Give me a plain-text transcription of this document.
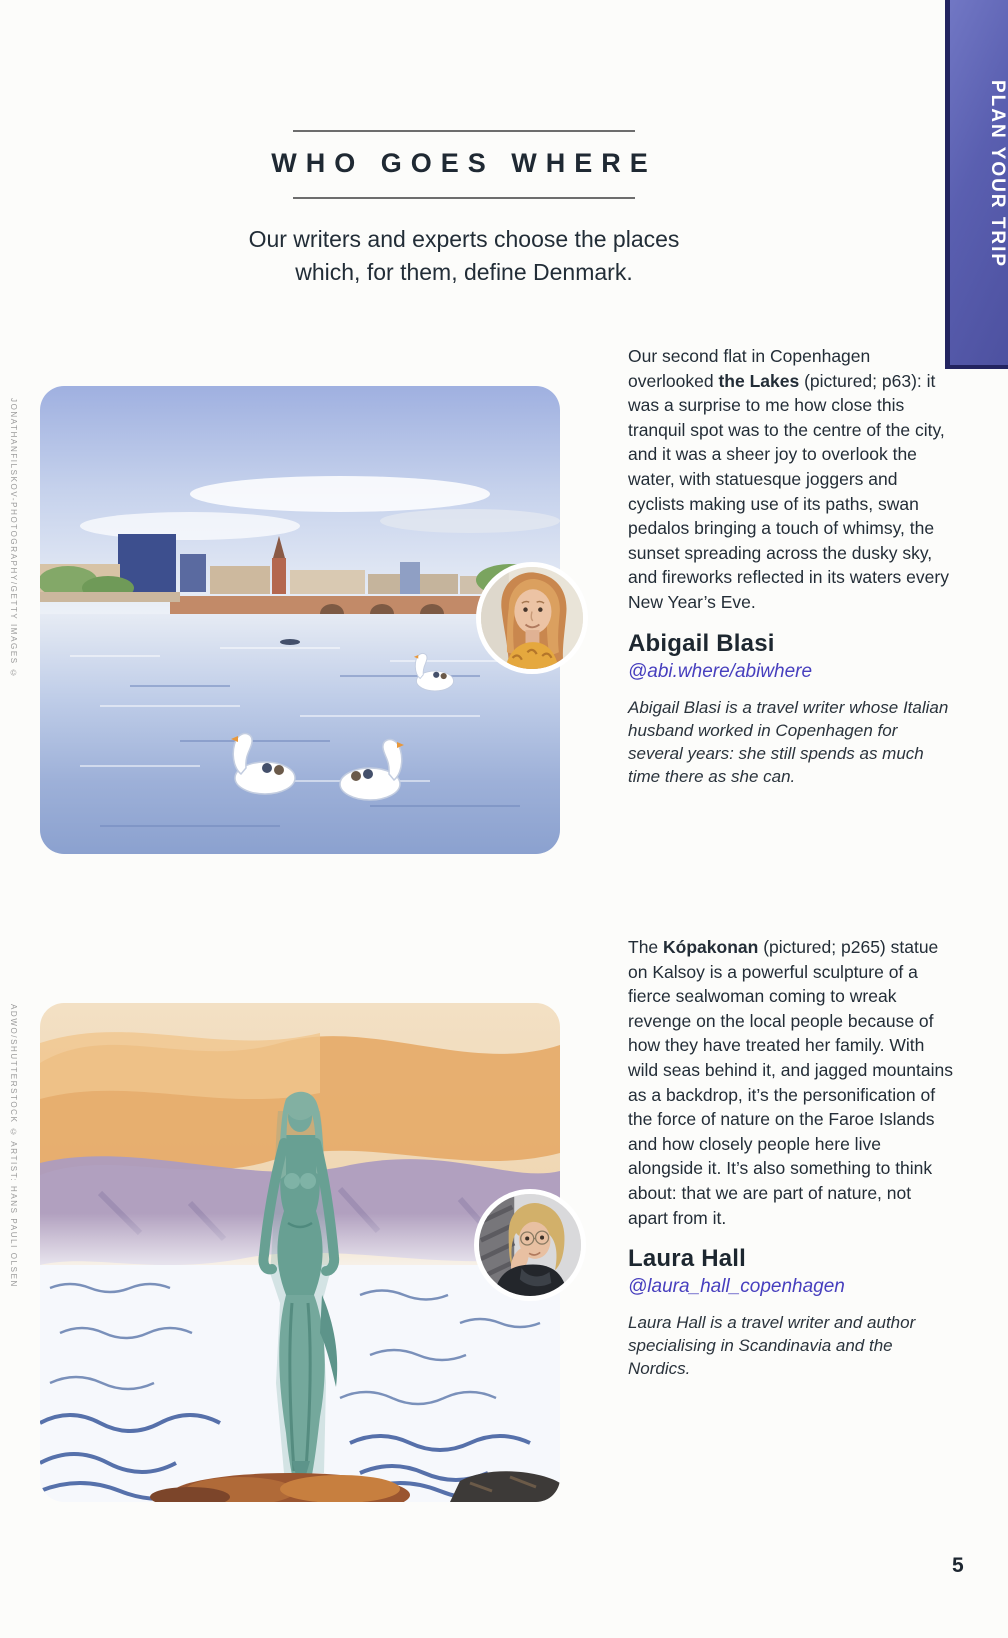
PLAN YOUR TRIP
WHO GOES WHERE
Our writers and experts choose the places
which, for them, define Denmark.
JONATHANFILSKOV-PHOTOGRAPHY/GETTY IMAGES ©
Our second flat in Copenhagen overlooked the Lakes (pictured; p63): it was a surprise to me how close this tranquil spot was to the centre of the city, and it was a sheer joy to overlook the water, with statuesque joggers and cyclists making use of its paths, swan pedalos bringing a touch of whimsy, the sunset spreading across the dusky sky, and fireworks reflected in its waters every New Year’s Eve.
Abigail Blasi
@abi.where/abiwhere
Abigail Blasi is a travel writer whose Italian husband worked in Copenhagen for several years: she still spends as much time there as she can.
ADWO/SHUTTERSTOCK © ARTIST: HANS PAULI OLSEN
The Kópakonan (pictured; p265) statue on Kalsoy is a powerful sculpture of a fierce sealwoman coming to wreak revenge on the local people because of how they have treated her family. With wild seas behind it, and jagged mountains as a backdrop, it’s the personification of the force of nature on the Faroe Islands and how closely people here live alongside it. It’s also something to think about: that we are part of nature, not apart from it.
Laura Hall
@laura_hall_copenhagen
Laura Hall is a travel writer and author specialising in Scandinavia and the Nordics.
5
